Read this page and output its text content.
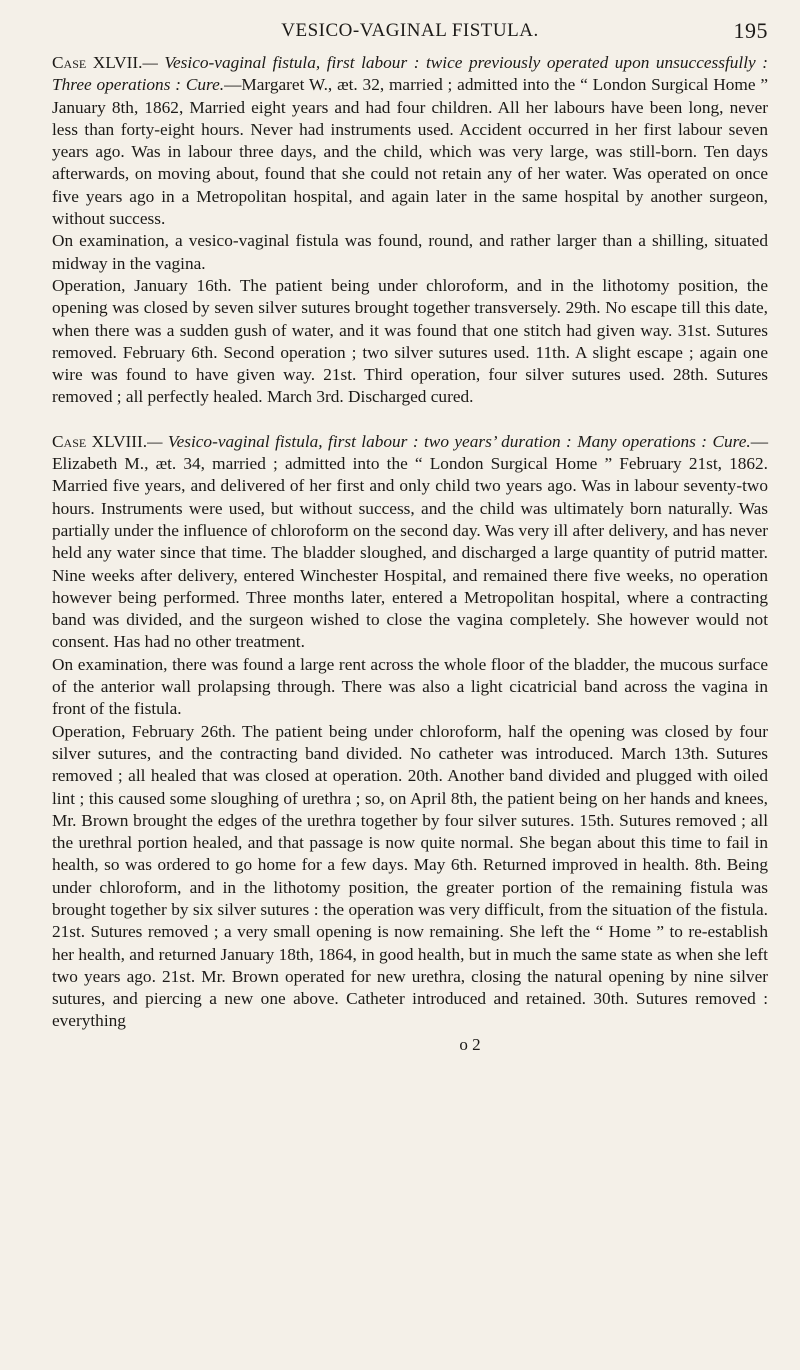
VESICO-VAGINAL FISTULA.	195

Case XLVII.— Vesico-vaginal fistula, first labour : twice previously operated upon unsuccessfully : Three operations : Cure.—Margaret W., æt. 32, married ; admitted into the “ London Surgical Home ” January 8th, 1862, Married eight years and had four children. All her labours have been long, never less than forty-eight hours. Never had instruments used. Accident occurred in her first labour seven years ago. Was in labour three days, and the child, which was very large, was still-born. Ten days afterwards, on moving about, found that she could not retain any of her water. Was operated on once five years ago in a Metropolitan hospital, and again later in the same hospital by another surgeon, without success.

On examination, a vesico-vaginal fistula was found, round, and rather larger than a shilling, situated midway in the vagina.

Operation, January 16th. The patient being under chloroform, and in the lithotomy position, the opening was closed by seven silver sutures brought together transversely. 29th. No escape till this date, when there was a sudden gush of water, and it was found that one stitch had given way. 31st. Sutures removed. February 6th. Second operation ; two silver sutures used. 11th. A slight escape ; again one wire was found to have given way. 21st. Third operation, four silver sutures used. 28th. Sutures removed ; all perfectly healed. March 3rd. Discharged cured.

Case XLVIII.— Vesico-vaginal fistula, first labour : two years’ duration : Many operations : Cure.—Elizabeth M., æt. 34, married ; admitted into the “ London Surgical Home ” February 21st, 1862. Married five years, and delivered of her first and only child two years ago. Was in labour seventy-two hours. Instruments were used, but without success, and the child was ultimately born naturally. Was partially under the influence of chloroform on the second day. Was very ill after delivery, and has never held any water since that time. The bladder sloughed, and discharged a large quantity of putrid matter. Nine weeks after delivery, entered Winchester Hospital, and remained there five weeks, no operation however being performed. Three months later, entered a Metropolitan hospital, where a contracting band was divided, and the surgeon wished to close the vagina completely. She however would not consent. Has had no other treatment.

On examination, there was found a large rent across the whole floor of the bladder, the mucous surface of the anterior wall prolapsing through. There was also a light cicatricial band across the vagina in front of the fistula.

Operation, February 26th. The patient being under chloroform, half the opening was closed by four silver sutures, and the contracting band divided. No catheter was introduced. March 13th. Sutures removed ; all healed that was closed at operation. 20th. Another band divided and plugged with oiled lint ; this caused some sloughing of urethra ; so, on April 8th, the patient being on her hands and knees, Mr. Brown brought the edges of the urethra together by four silver sutures. 15th. Sutures removed ; all the urethral portion healed, and that passage is now quite normal. She began about this time to fail in health, so was ordered to go home for a few days. May 6th. Returned improved in health. 8th. Being under chloroform, and in the lithotomy position, the greater portion of the remaining fistula was brought together by six silver sutures : the operation was very difficult, from the situation of the fistula. 21st. Sutures removed ; a very small opening is now remaining. She left the “ Home ” to re-establish her health, and returned January 18th, 1864, in good health, but in much the same state as when she left two years ago. 21st. Mr. Brown operated for new urethra, closing the natural opening by nine silver sutures, and piercing a new one above. Catheter introduced and retained. 30th. Sutures removed : everything

o 2
